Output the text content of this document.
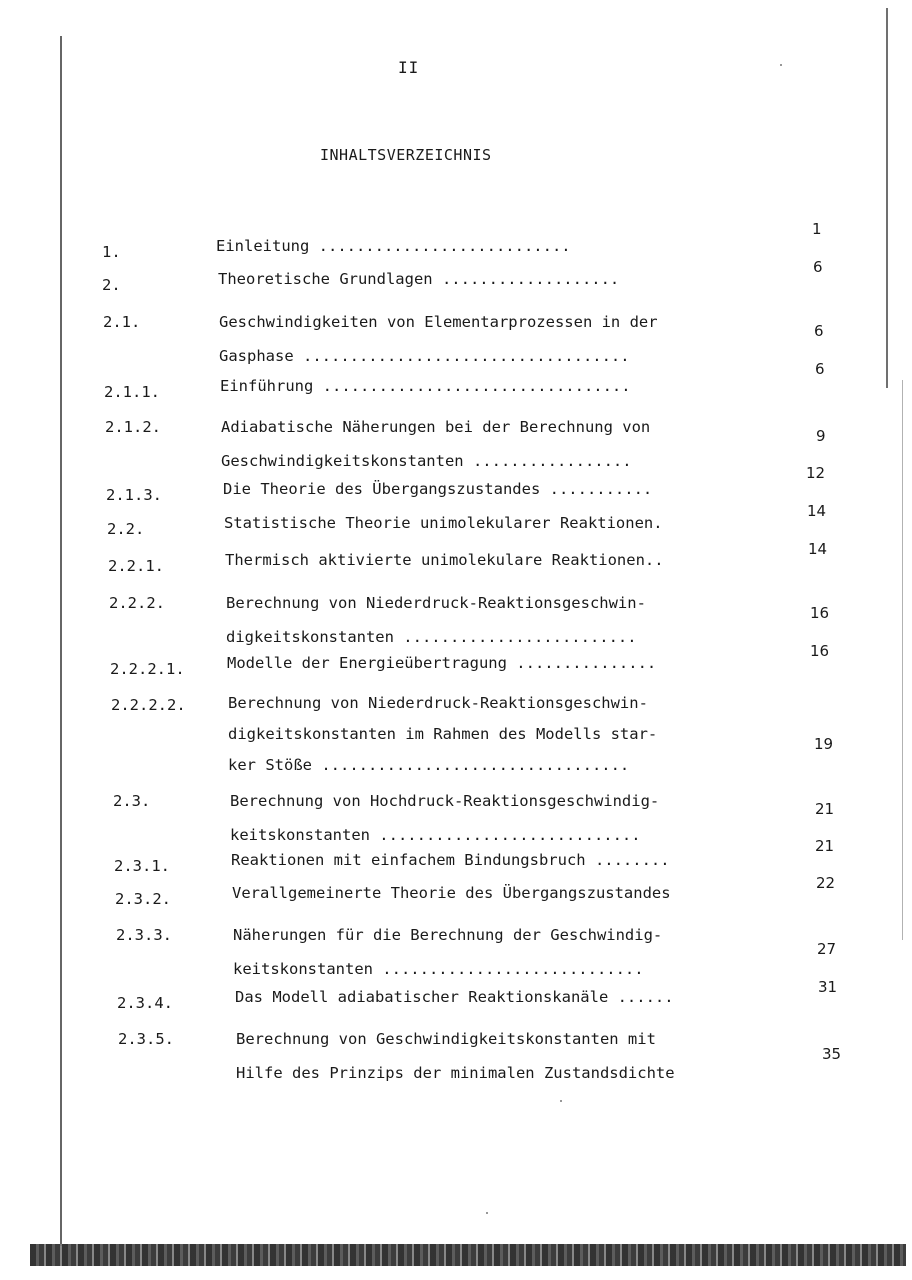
II
INHALTSVERZEICHNIS
1.	Einleitung ...........................
1
2.	Theoretische Grundlagen ...................
6
2.1.	Geschwindigkeiten von Elementarprozessen in der
Gasphase ...................................
6
2.1.1.	Einführung .................................
6
2.1.2.	Adiabatische Näherungen bei der Berechnung von
Geschwindigkeitskonstanten .................
9
2.1.3.	Die Theorie des Übergangszustandes ...........
12
2.2.	Statistische Theorie unimolekularer Reaktionen.
14
2.2.1.	Thermisch aktivierte unimolekulare Reaktionen..
14
2.2.2.	Berechnung von Niederdruck-Reaktionsgeschwin-
digkeitskonstanten .........................
16
2.2.2.1.	Modelle der Energieübertragung ...............
16
2.2.2.2.	Berechnung von Niederdruck-Reaktionsgeschwin-
digkeitskonstanten im Rahmen des Modells star-
ker Stöße .................................
19
2.3.	Berechnung von Hochdruck-Reaktionsgeschwindig-
keitskonstanten ............................
21
2.3.1.	Reaktionen mit einfachem Bindungsbruch ........
21
2.3.2.	Verallgemeinerte Theorie des Übergangszustandes
22
2.3.3.	Näherungen für die Berechnung der Geschwindig-
keitskonstanten ............................
27
2.3.4.	Das Modell adiabatischer Reaktionskanäle ......
31
2.3.5.	Berechnung von Geschwindigkeitskonstanten mit
Hilfe des Prinzips der minimalen Zustandsdichte
35
